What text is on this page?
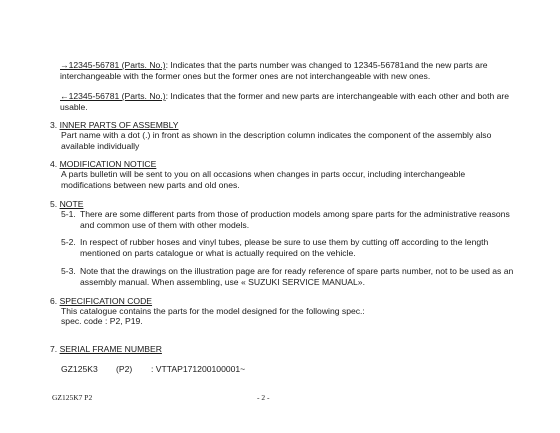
→12345-56781 (Parts. No.): Indicates that the parts number was changed to 12345-56781and the new parts are interchangeable with the former ones but the former ones are not interchangeable with new ones.
←12345-56781 (Parts. No.): Indicates that the former and new parts are interchangeable with each other and both are usable.
3. INNER PARTS OF ASSEMBLY
Part name with a dot (.) in front as shown in the description column indicates the component of the assembly also available individually
4. MODIFICATION NOTICE
A parts bulletin will be sent to you on all occasions when changes in parts occur, including interchangeable modifications between new parts and old ones.
5. NOTE
5-1. There are some different parts from those of production models among spare parts for the administrative reasons and common use of them with other models.
5-2. In respect of rubber hoses and vinyl tubes, please be sure to use them by cutting off according to the length mentioned on parts catalogue or what is actually required on the vehicle.
5-3. Note that the drawings on the illustration page are for ready reference of spare parts number, not to be used as an assembly manual. When assembling, use « SUZUKI SERVICE MANUAL».
6. SPECIFICATION CODE
This catalogue contains the parts for the model designed for the following spec.:
spec. code : P2, P19.
7. SERIAL FRAME NUMBER
GZ125K3 (P2) : VTTAP171200100001~
GZ125K7 P2	- 2 -
